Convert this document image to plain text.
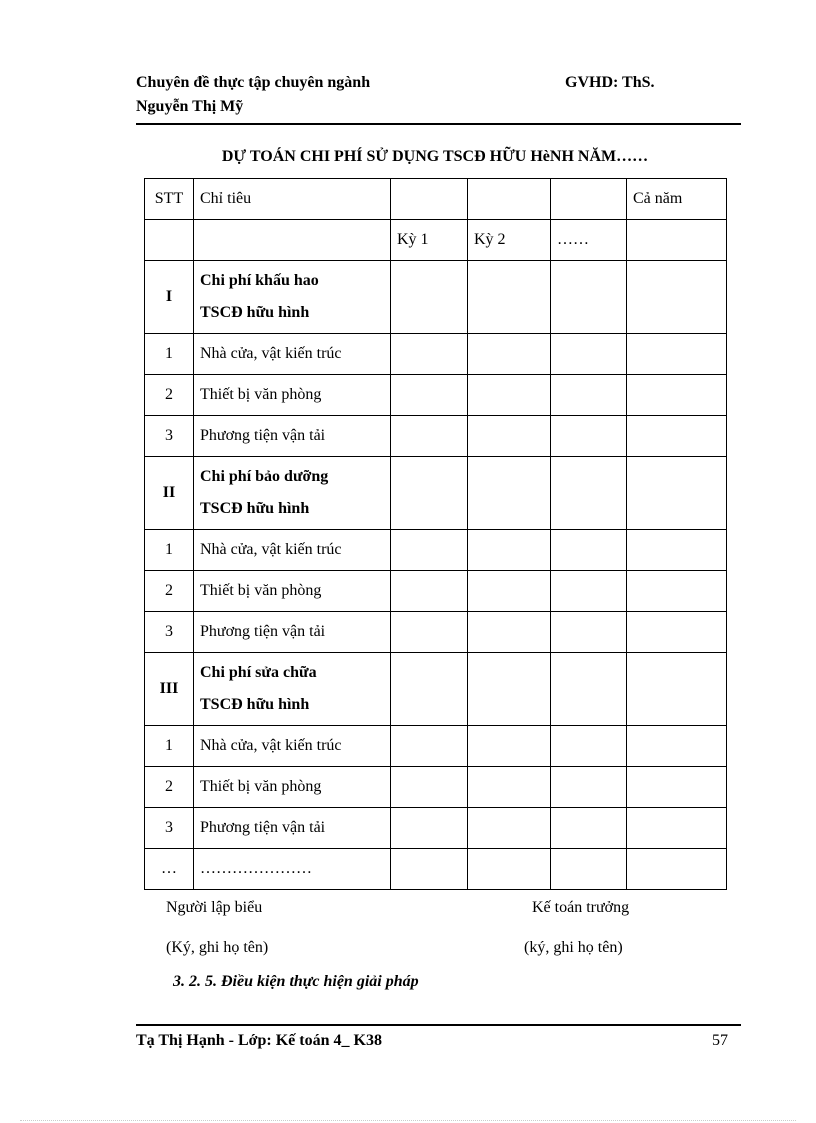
Chuyên đề thực tập chuyên ngành	GVHD: ThS.
Nguyễn Thị Mỹ
DỰ TOÁN CHI PHÍ SỬ DỤNG TSCĐ HỮU HèNH NĂM……
STT	Chỉ tiêu				Cả năm
		Kỳ 1	Kỳ 2	……	
I	Chi phí khấu hao
TSCĐ hữu hình				

1	Nhà cửa, vật kiến trúc				
2	Thiết bị văn phòng				
3	Phương tiện vận tải				
II	Chi phí bảo dưỡng
TSCĐ hữu hình				

1	Nhà cửa, vật kiến trúc				
2	Thiết bị văn phòng				
3	Phương tiện vận tải				
III	Chi phí sửa chữa
TSCĐ hữu hình				

1	Nhà cửa, vật kiến trúc				
2	Thiết bị văn phòng				
3	Phương tiện vận tải				
…	…………………				
Người lập biểu	Kế toán trưởng
(Ký, ghi họ tên)	(ký, ghi họ tên)
3. 2. 5. Điều kiện thực hiện giải pháp
Tạ Thị Hạnh - Lớp: Kế toán 4_ K38	57
